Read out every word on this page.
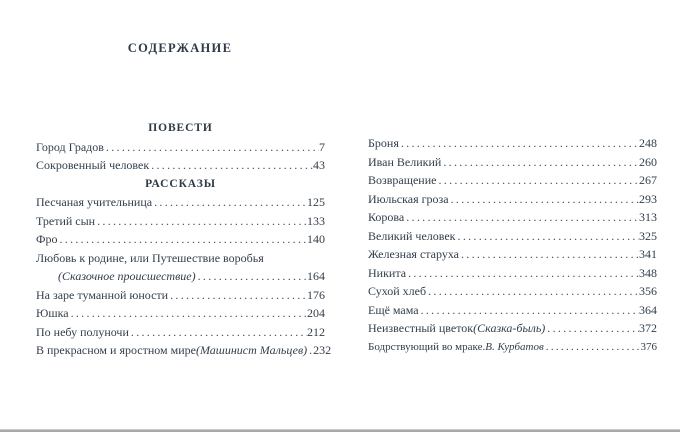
СОДЕРЖАНИЕ
ПОВЕСТИ
Город Градов .....	7
Сокровенный человек .....	43
РАССКАЗЫ
Песчаная учительница .....	125
Третий сын .....	133
Фро .....	140
Любовь к родине, или Путешествие воробья
(Сказочное происшествие) .....	164
На заре туманной юности .....	176
Юшка .....	204
По небу полуночи .....	212
В прекрасном и яростном мире (Машинист Мальцев) ..... 232
Броня .....	248
Иван Великий .....	260
Возвращение .....	267
Июльская гроза .....	293
Корова .....	313
Великий человек .....	325
Железная старуха .....	341
Никита .....	348
Сухой хлеб .....	356
Ещё мама .....	364
Неизвестный цветок (Сказка-быль) .....	372
Бодрствующий во мраке. В. Курбатов .....	376
